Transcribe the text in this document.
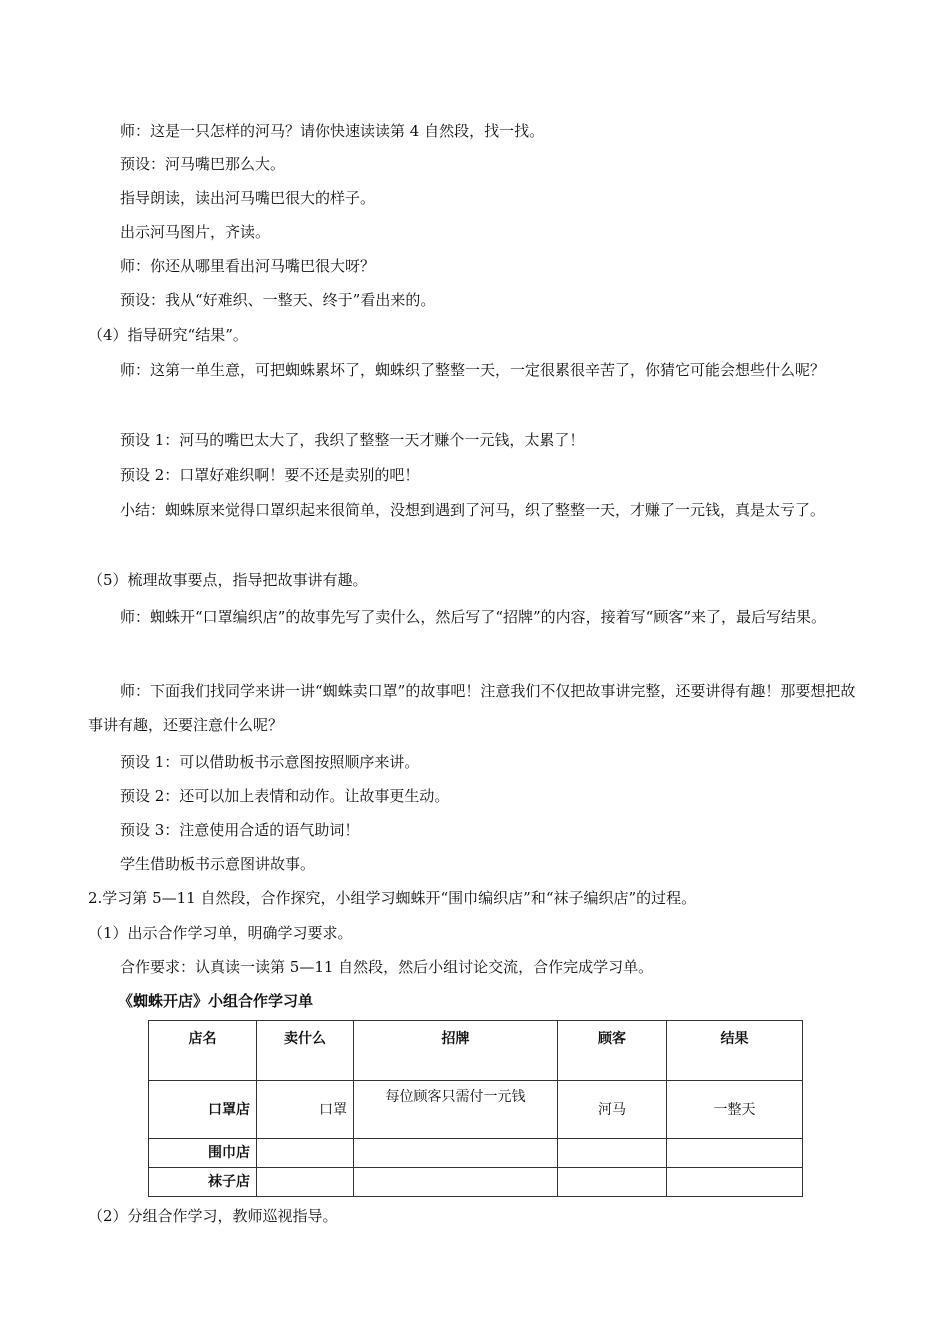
师：这是一只怎样的河马？请你快速读读第 4 自然段，找一找。
预设：河马嘴巴那么大。
指导朗读，读出河马嘴巴很大的样子。
出示河马图片，齐读。
师：你还从哪里看出河马嘴巴很大呀？
预设：我从“好难织、一整天、终于”看出来的。
（4）指导研究“结果”。
师：这第一单生意，可把蜘蛛累坏了，蜘蛛织了整整一天，一定很累很辛苦了，你猜它可能会想些什么呢？
预设 1：河马的嘴巴太大了，我织了整整一天才赚个一元钱，太累了！
预设 2：口罩好难织啊！要不还是卖别的吧！
小结：蜘蛛原来觉得口罩织起来很简单，没想到遇到了河马，织了整整一天，才赚了一元钱，真是太亏了。
（5）梳理故事要点，指导把故事讲有趣。
师：蜘蛛开“口罩编织店”的故事先写了卖什么，然后写了“招牌”的内容，接着写“顾客”来了，最后写结果。
师：下面我们找同学来讲一讲“蜘蛛卖口罩”的故事吧！注意我们不仅把故事讲完整，还要讲得有趣！那要想把故事讲有趣，还要注意什么呢？
预设 1：可以借助板书示意图按照顺序来讲。
预设 2：还可以加上表情和动作。让故事更生动。
预设 3：注意使用合适的语气助词！
学生借助板书示意图讲故事。
2.学习第 5—11 自然段，合作探究，小组学习蜘蛛开“围巾编织店”和“袜子编织店”的过程。
（1）出示合作学习单，明确学习要求。
合作要求：认真读一读第 5—11 自然段，然后小组讨论交流，合作完成学习单。
《蜘蛛开店》小组合作学习单
店名	卖什么	招牌	顾客	结果
口罩店	口罩	每位顾客只需付一元钱	河马	一整天
围巾店				
袜子店				
（2）分组合作学习，教师巡视指导。
